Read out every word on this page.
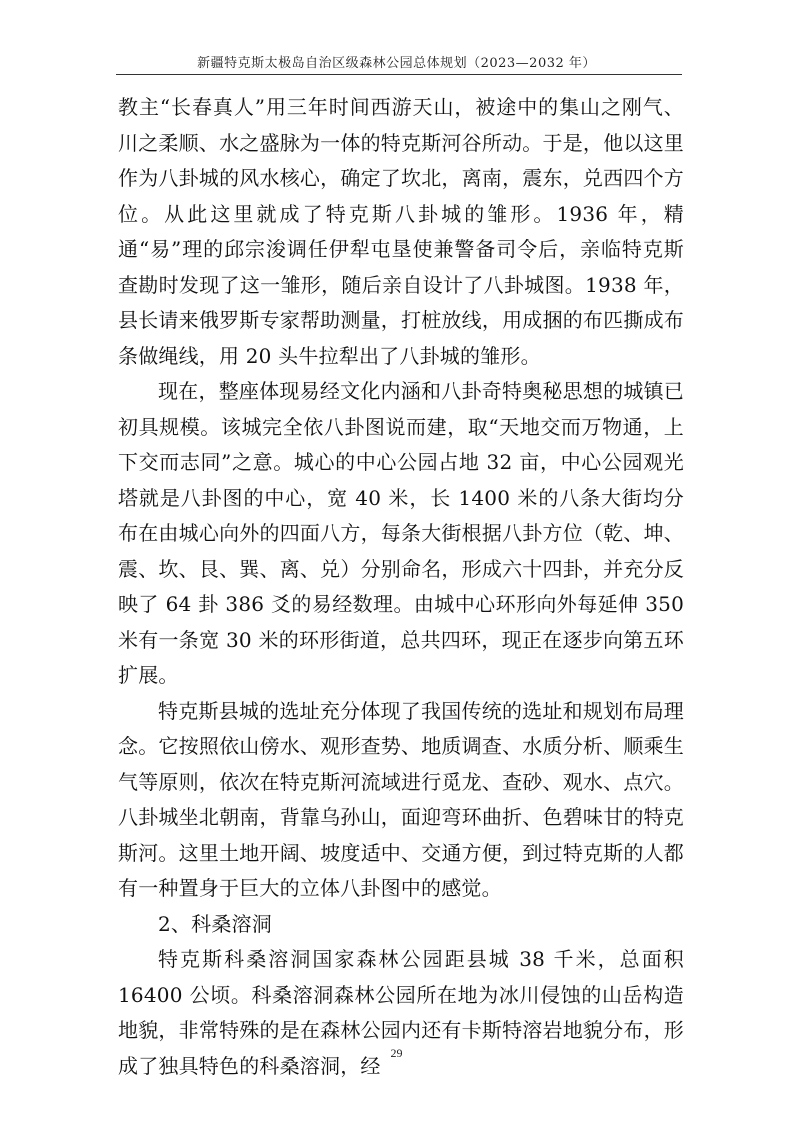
新疆特克斯太极岛自治区级森林公园总体规划（2023—2032 年）

教主“长春真人”用三年时间西游天山，被途中的集山之刚气、川之柔顺、水之盛脉为一体的特克斯河谷所动。于是，他以这里作为八卦城的风水核心，确定了坎北，离南，震东，兑西四个方位。从此这里就成了特克斯八卦城的雏形。1936 年，精通“易”理的邱宗浚调任伊犁屯垦使兼警备司令后，亲临特克斯查勘时发现了这一雏形，随后亲自设计了八卦城图。1938 年，县长请来俄罗斯专家帮助测量，打桩放线，用成捆的布匹撕成布条做绳线，用 20 头牛拉犁出了八卦城的雏形。

现在，整座体现易经文化内涵和八卦奇特奥秘思想的城镇已初具规模。该城完全依八卦图说而建，取“天地交而万物通，上下交而志同”之意。城心的中心公园占地 32 亩，中心公园观光塔就是八卦图的中心，宽 40 米，长 1400 米的八条大街均分布在由城心向外的四面八方，每条大街根据八卦方位（乾、坤、震、坎、艮、巽、离、兑）分别命名，形成六十四卦，并充分反映了 64 卦 386 爻的易经数理。由城中心环形向外每延伸 350 米有一条宽 30 米的环形街道，总共四环，现正在逐步向第五环扩展。

特克斯县城的选址充分体现了我国传统的选址和规划布局理念。它按照依山傍水、观形查势、地质调查、水质分析、顺乘生气等原则，依次在特克斯河流域进行觅龙、查砂、观水、点穴。八卦城坐北朝南，背靠乌孙山，面迎弯环曲折、色碧味甘的特克斯河。这里土地开阔、坡度适中、交通方便，到过特克斯的人都有一种置身于巨大的立体八卦图中的感觉。

2、科桑溶洞

特克斯科桑溶洞国家森林公园距县城 38 千米，总面积 16400 公顷。科桑溶洞森林公园所在地为冰川侵蚀的山岳构造地貌，非常特殊的是在森林公园内还有卡斯特溶岩地貌分布，形成了独具特色的科桑溶洞，经

29
